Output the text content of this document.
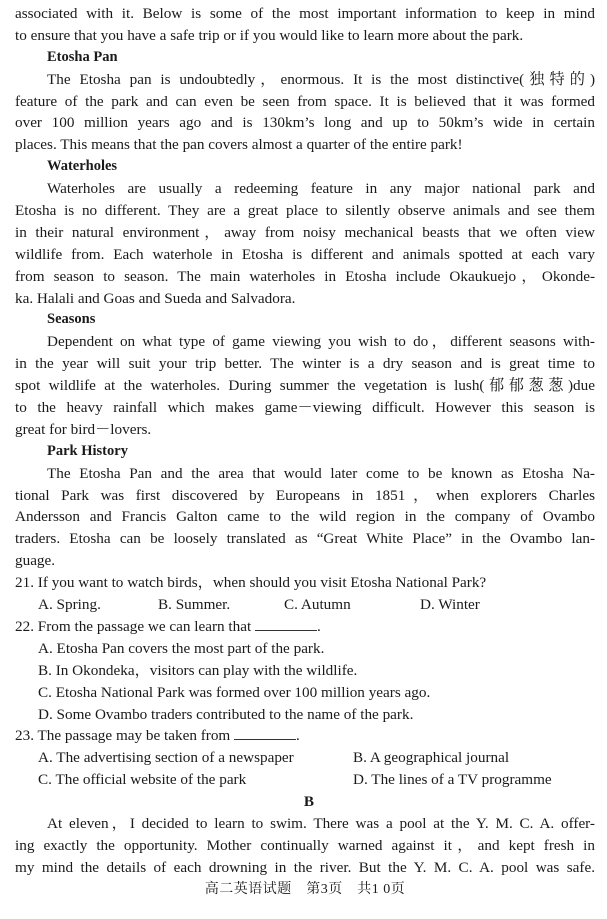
associated with it. Below is some of the most important information to keep in mind
to ensure that you have a safe trip or if you would like to learn more about the park.
Etosha Pan
The Etosha pan is undoubtedly，enormous. It is the most distinctive(独特的)
feature of the park and can even be seen from space. It is believed that it was formed
over 100 million years ago and is 130km’s long and up to 50km’s wide in certain
places. This means that the pan covers almost a quarter of the entire park!
Waterholes
Waterholes are usually a redeeming feature in any major national park and
Etosha is no different. They are a great place to silently observe animals and see them
in their natural environment，away from noisy mechanical beasts that we often view
wildlife from. Each waterhole in Etosha is different and animals spotted at each vary
from season to season. The main waterholes in Etosha include Okaukuejo，Okonde-
ka. Halali and Goas and Sueda and Salvadora.
Seasons
Dependent on what type of game viewing you wish to do，different seasons with-
in the year will suit your trip better. The winter is a dry season and is great time to
spot wildlife at the waterholes. During summer the vegetation is lush(郁郁葱葱)due
to the heavy rainfall which makes game－viewing difficult. However this season is
great for bird－lovers.
Park History
The Etosha Pan and the area that would later come to be known as Etosha Na-
tional Park was first discovered by Europeans in 1851，when explorers Charles
Andersson and Francis Galton came to the wild region in the company of Ovambo
traders. Etosha can be loosely translated as “Great White Place” in the Ovambo lan-
guage.
21. If you want to watch birds，when should you visit Etosha National Park?
A. Spring.	B. Summer.	C. Autumn	D. Winter
22. From the passage we can learn that	.
A. Etosha Pan covers the most part of the park.
B. In Okondeka，visitors can play with the wildlife.
C. Etosha National Park was formed over 100 million years ago.
D. Some Ovambo traders contributed to the name of the park.
23. The passage may be taken from	.
A. The advertising section of a newspaper	B. A geographical journal
C. The official website of the park	D. The lines of a TV programme
B
At eleven，I decided to learn to swim. There was a pool at the Y. M. C. A. offer-
ing exactly the opportunity. Mother continually warned against it，and kept fresh in
my mind the details of each drowning in the river. But the Y. M. C. A. pool was safe.
高二英语试题　第3页　共1 0页
